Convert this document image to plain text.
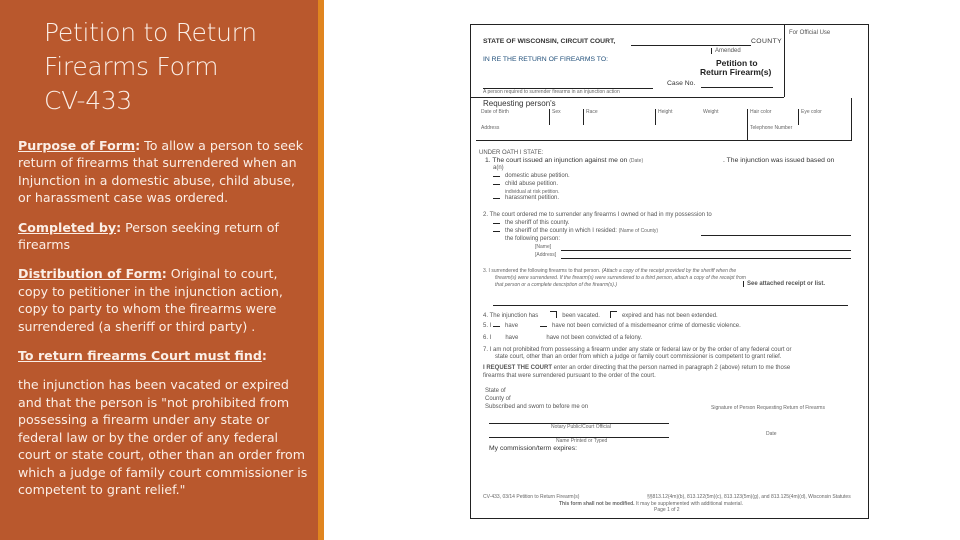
Petition to Return
Firearms Form
CV-433

Purpose of Form: To allow a person to seek return of firearms that surrendered when an Injunction in a domestic abuse, child abuse, or harassment case was ordered.

Completed by: Person seeking return of firearms

Distribution of Form: Original to court, copy to petitioner in the injunction action, copy to party to whom the firearms were surrendered (a sheriff or third party) .

To return firearms Court must find:

the injunction has been vacated or expired and that the person is "not prohibited from possessing a firearm under any state or federal law or by the order of any federal court or state court, other than an order from which a judge of family court commissioner is competent to grant relief."

STATE OF WISCONSIN, CIRCUIT COURT,	COUNTY
For Official Use
Amended
IN RE THE RETURN OF FIREARMS TO:	Petition to
Return Firearm(s)
Case No.
A person required to surrender firearms in an injunction action
Requesting person's
Date of Birth	Sex	Race	Height	Weight	Hair color	Eye color
Address	Telephone Number
UNDER OATH I STATE:
1. The court issued an injunction against me on (Date)	. The injunction was issued based on
a(n)
domestic abuse petition.
child abuse petition.
individual at risk petition.
harassment petition.
2. The court ordered me to surrender any firearms I owned or had in my possession to
the sheriff of this county.
the sheriff of the county in which I resided: (Name of County)
the following person:
[Name]
[Address]
3. I surrendered the following firearms to that person. (Attach a copy of the receipt provided by the sheriff when the
firearm(s) were surrendered. If the firearm(s) were surrendered to a third person, attach a copy of the receipt from
that person or a complete description of the firearm(s).)	See attached receipt or list.
4. The injunction has	been vacated.	expired and has not been extended.
5. I have	have not been convicted of a misdemeanor crime of domestic violence.
6. I have	have not been convicted of a felony.
7. I am not prohibited from possessing a firearm under any state or federal law or by the order of any federal court or
state court, other than an order from which a judge or family court commissioner is competent to grant relief.
I REQUEST THE COURT enter an order directing that the person named in paragraph 2 (above) return to me those
firearms that were surrendered pursuant to the order of the court.
State of
County of
Subscribed and sworn to before me on	Signature of Person Requesting Return of Firearms
Notary Public/Court Official
Date
Name Printed or Typed
My commission/term expires:
CV-433, 03/14 Petition to Return Firearm(s)	§§813.12(4m)(b), 813.122(5m)(c), 813.123(5m)(g), and 813.125(4m)(d), Wisconsin Statutes
This form shall not be modified. It may be supplemented with additional material.
Page 1 of 2
